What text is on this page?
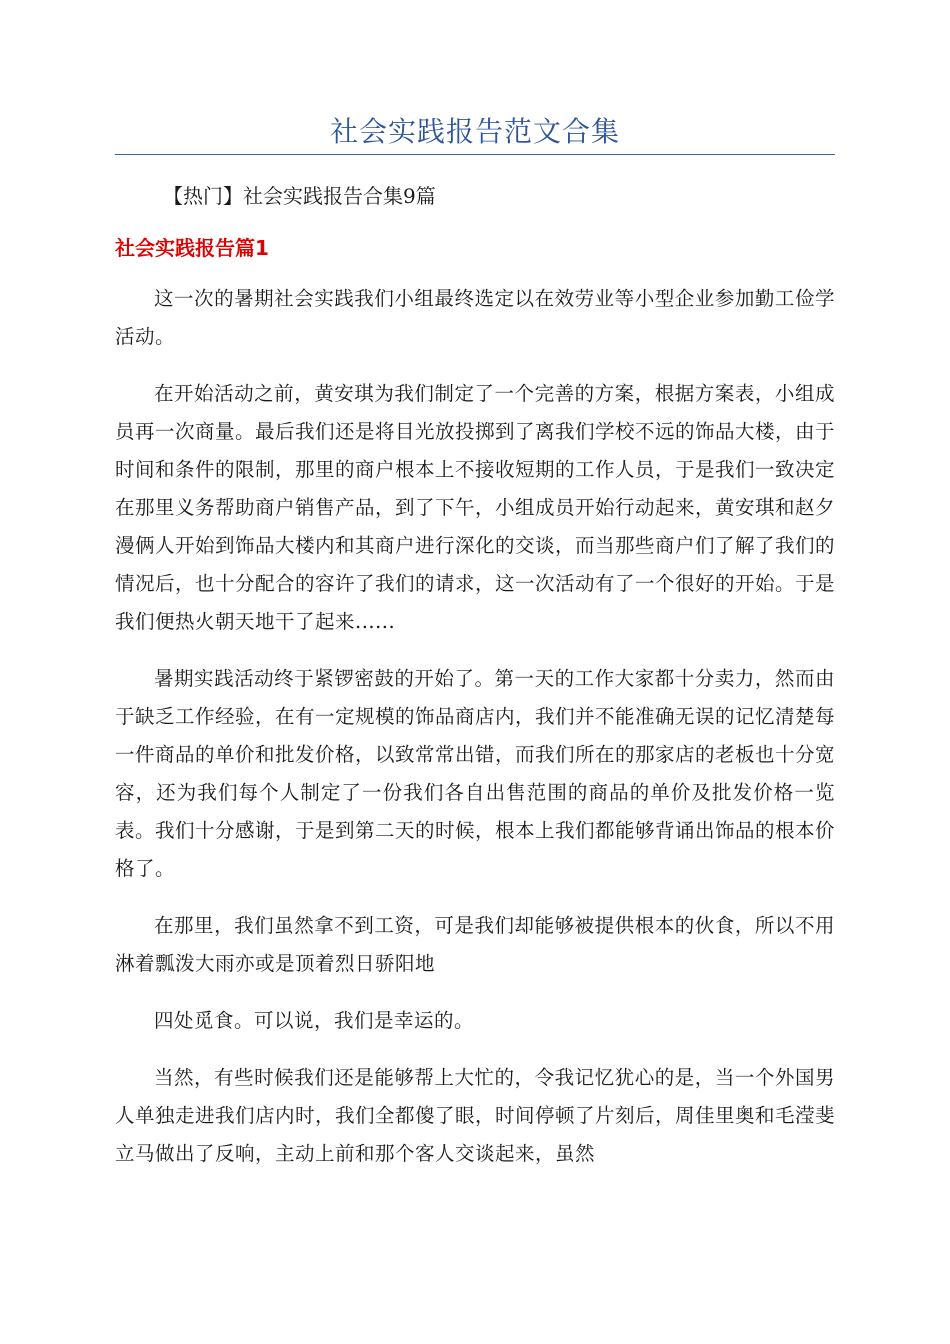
社会实践报告范文合集
【热门】社会实践报告合集9篇
社会实践报告篇1

这一次的暑期社会实践我们小组最终选定以在效劳业等小型企业参加勤工俭学活动。

在开始活动之前，黄安琪为我们制定了一个完善的方案，根据方案表，小组成员再一次商量。最后我们还是将目光放投掷到了离我们学校不远的饰品大楼，由于时间和条件的限制，那里的商户根本上不接收短期的工作人员，于是我们一致决定在那里义务帮助商户销售产品，到了下午，小组成员开始行动起来，黄安琪和赵夕漫俩人开始到饰品大楼内和其商户进行深化的交谈，而当那些商户们了解了我们的情况后，也十分配合的容许了我们的请求，这一次活动有了一个很好的开始。于是我们便热火朝天地干了起来......

暑期实践活动终于紧锣密鼓的开始了。第一天的工作大家都十分卖力，然而由于缺乏工作经验，在有一定规模的饰品商店内，我们并不能准确无误的记忆清楚每一件商品的单价和批发价格，以致常常出错，而我们所在的那家店的老板也十分宽容，还为我们每个人制定了一份我们各自出售范围的商品的单价及批发价格一览表。我们十分感谢，于是到第二天的时候，根本上我们都能够背诵出饰品的根本价格了。

在那里，我们虽然拿不到工资，可是我们却能够被提供根本的伙食，所以不用淋着瓢泼大雨亦或是顶着烈日骄阳地

四处觅食。可以说，我们是幸运的。

当然，有些时候我们还是能够帮上大忙的，令我记忆犹心的是，当一个外国男人单独走进我们店内时，我们全都傻了眼，时间停顿了片刻后，周佳里奥和毛滢斐立马做出了反响，主动上前和那个客人交谈起来，虽然
